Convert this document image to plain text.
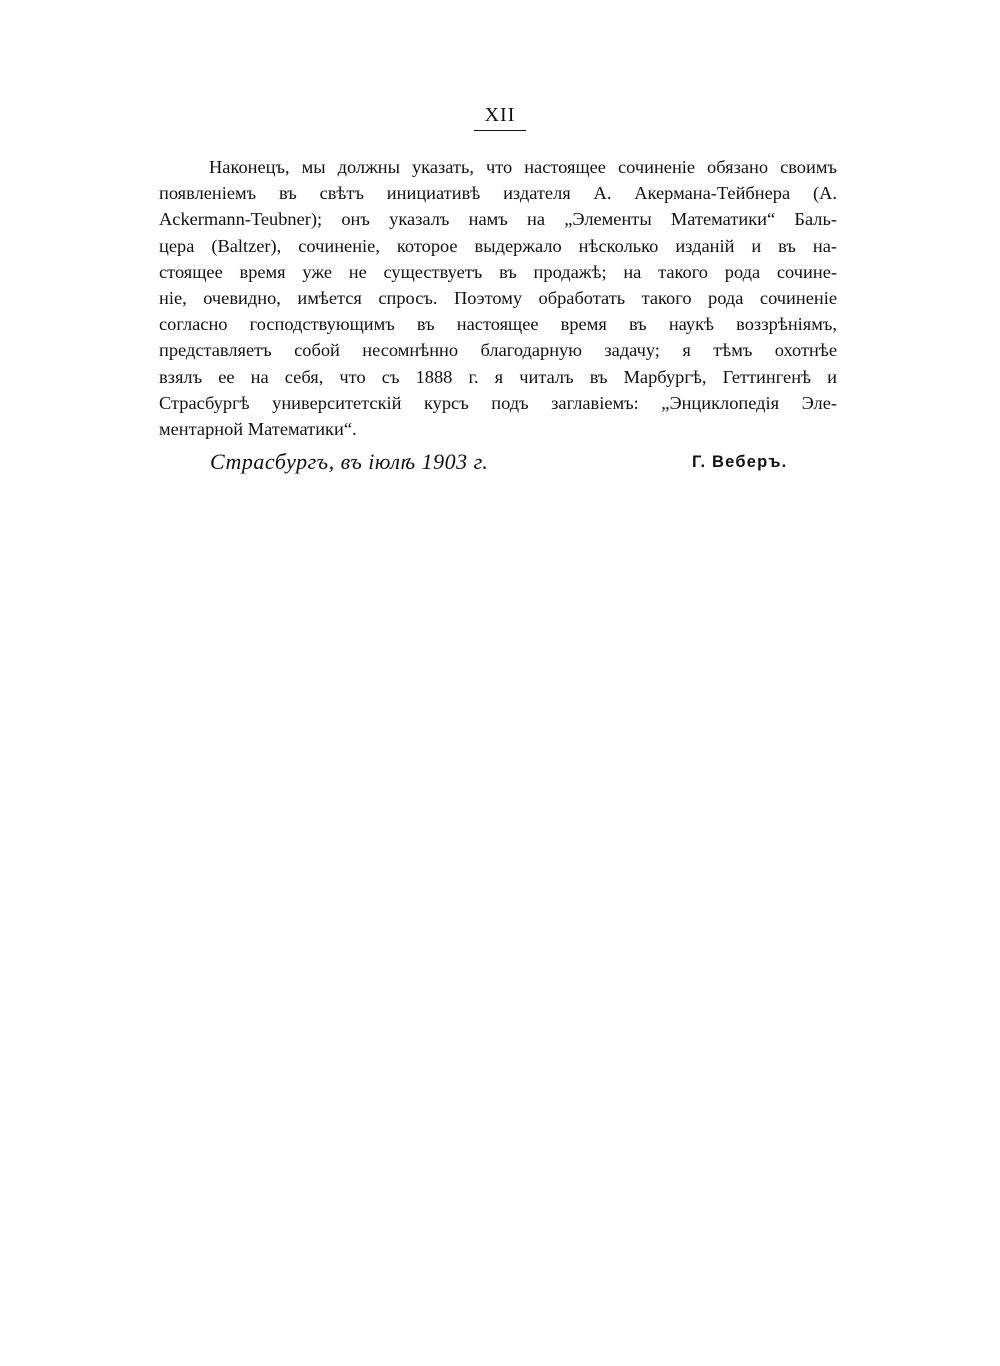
XII
Наконецъ, мы должны указать, что настоящее сочиненіе обязано своимъ
появленіемъ въ свѣтъ инициативѣ издателя А. Акермана-Тейбнера (А.
Ackermann-Teubner); онъ указалъ намъ на „Элементы Математики“ Баль-
цера (Baltzer), сочиненіе, которое выдержало нѣсколько изданій и въ на-
стоящее время уже не существуетъ въ продажѣ; на такого рода сочине-
ніе, очевидно, имѣется спросъ. Поэтому обработать такого рода сочиненіе
согласно господствующимъ въ настоящее время въ наукѣ воззрѣніямъ,
представляетъ собой несомнѣнно благодарную задачу; я тѣмъ охотнѣе
взялъ ее на себя, что съ 1888 г. я читалъ въ Марбургѣ, Геттингенѣ и
Страсбургѣ университетскій курсъ подъ заглавіемъ: „Энциклопедія Эле-
ментарной Математики“.
Страсбургъ, въ іюлѣ 1903 г.	Г. Веберъ.
